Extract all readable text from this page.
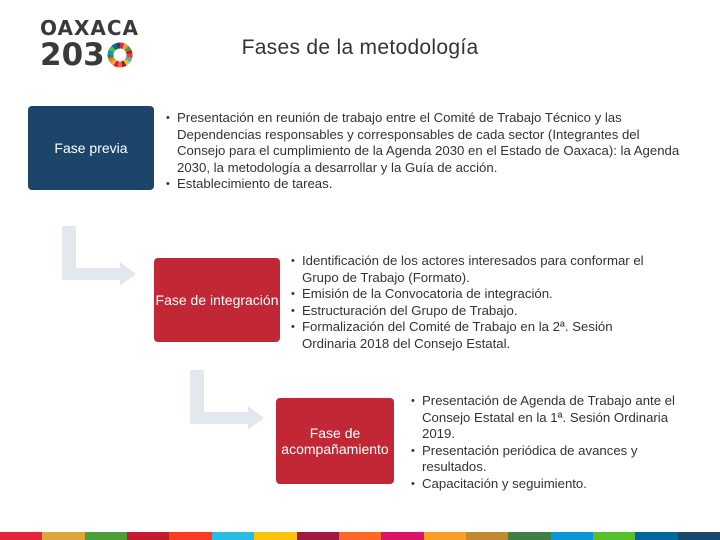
OAXACA
2 03	Fases de la metodología
Fase previa
Fase de integración
Fase de acompañamiento
• Presentación en reunión de trabajo entre el Comité de Trabajo Técnico y las Dependencias responsables y corresponsables de cada sector (Integrantes del Consejo para el cumplimiento de la Agenda 2030 en el Estado de Oaxaca): la Agenda 2030, la metodología a desarrollar y la Guía de acción.
• Establecimiento de tareas.
• Identificación de los actores interesados para conformar el Grupo de Trabajo (Formato).
• Emisión de la Convocatoria de integración.
• Estructuración del Grupo de Trabajo.
• Formalización del Comité de Trabajo en la 2ª. Sesión Ordinaria 2018 del Consejo Estatal.
• Presentación de Agenda de Trabajo ante el Consejo Estatal en la 1ª. Sesión Ordinaria 2019.
• Presentación periódica de avances y resultados.
• Capacitación y seguimiento.
